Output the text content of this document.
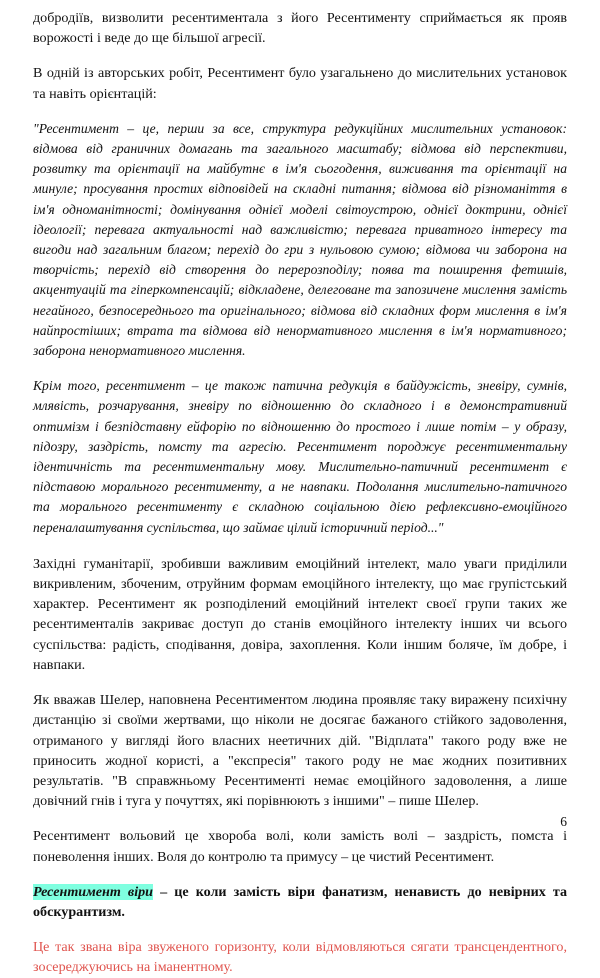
добродіїв, визволити ресентиментала з його Ресентименту сприймається як прояв ворожості і веде до ще більшої агресії.

В одній із авторських робіт, Ресентимент було узагальнено до мислительних установок та навіть орієнтацій:

"Ресентимент – це, перши за все, структура редукційних мислительних установок: відмова від граничних домагань та загального масштабу; відмова від перспективи, розвитку та орієнтації на майбутнє в ім'я сьогодення, виживання та орієнтації на минуле; просування простих відповідей на складні питання; відмова від різноманіття в ім'я одноманітності; домінування однієї моделі світоустрою, однієї доктрини, однієї ідеології; перевага актуальності над важливістю; перевага приватного інтересу та вигоди над загальним благом; перехід до гри з нульовою сумою; відмова чи заборона на творчість; перехід від створення до перерозподілу; поява та поширення фетишів, акцентуацій та гіперкомпенсацій; відкладене, делеговане та запозичене мислення замість негайного, безпосереднього та оригінального; відмова від складних форм мислення в ім'я найпростіших; втрата та відмова від ненормативного мислення в ім'я нормативного; заборона ненормативного мислення.

Крім того, ресентимент – це також патична редукція в байдужість, зневіру, сумнів, млявість, розчарування, зневіру по відношенню до складного і в демонстративний оптимізм і безпідставну ейфорію по відношенню до простого і лише потім – у образу, підозру, заздрість, помсту та агресію. Ресентимент породжує ресентиментальну ідентичність та ресентиментальну мову. Мислительно-патичний ресентимент є підставою морального ресентименту, а не навпаки. Подолання мислительно-патичного та морального ресентименту є складною соціальною дією рефлексивно-емоційного переналаштування суспільства, що займає цілий історичний період..."

Західні гуманітарії, зробивши важливим емоційний інтелект, мало уваги приділили викривленим, збоченим, отруйним формам емоційного інтелекту, що має групістський характер. Ресентимент як розподілений емоційний інтелект своєї групи таких же ресентименталів закриває доступ до станів емоційного інтелекту інших чи всього суспільства: радість, сподівання, довіра, захоплення. Коли іншим боляче, їм добре, і навпаки.

Як вважав Шелер, наповнена Ресентиментом людина проявляє таку виражену психічну дистанцію зі своїми жертвами, що ніколи не досягає бажаного стійкого задоволення, отриманого у вигляді його власних неетичних дій. "Відплата" такого роду вже не приносить жодної користі, а "експресія" такого роду не має жодних позитивних результатів. "В справжньому Ресентименті немає емоційного задоволення, а лише довічний гнів і туга у почуттях, які порівнюють з іншими" – пише Шелер.

Ресентимент вольовий це хвороба волі, коли замість волі – заздрість, помста і поневолення інших. Воля до контролю та примусу – це чистий Ресентимент.

Ресентимент віри – це коли замість віри фанатизм, ненависть до невірних та обскурантизм.

Це так звана віра звуженого горизонту, коли відмовляються сягати трансцендентного, зосереджуючись на іманентному.

6
